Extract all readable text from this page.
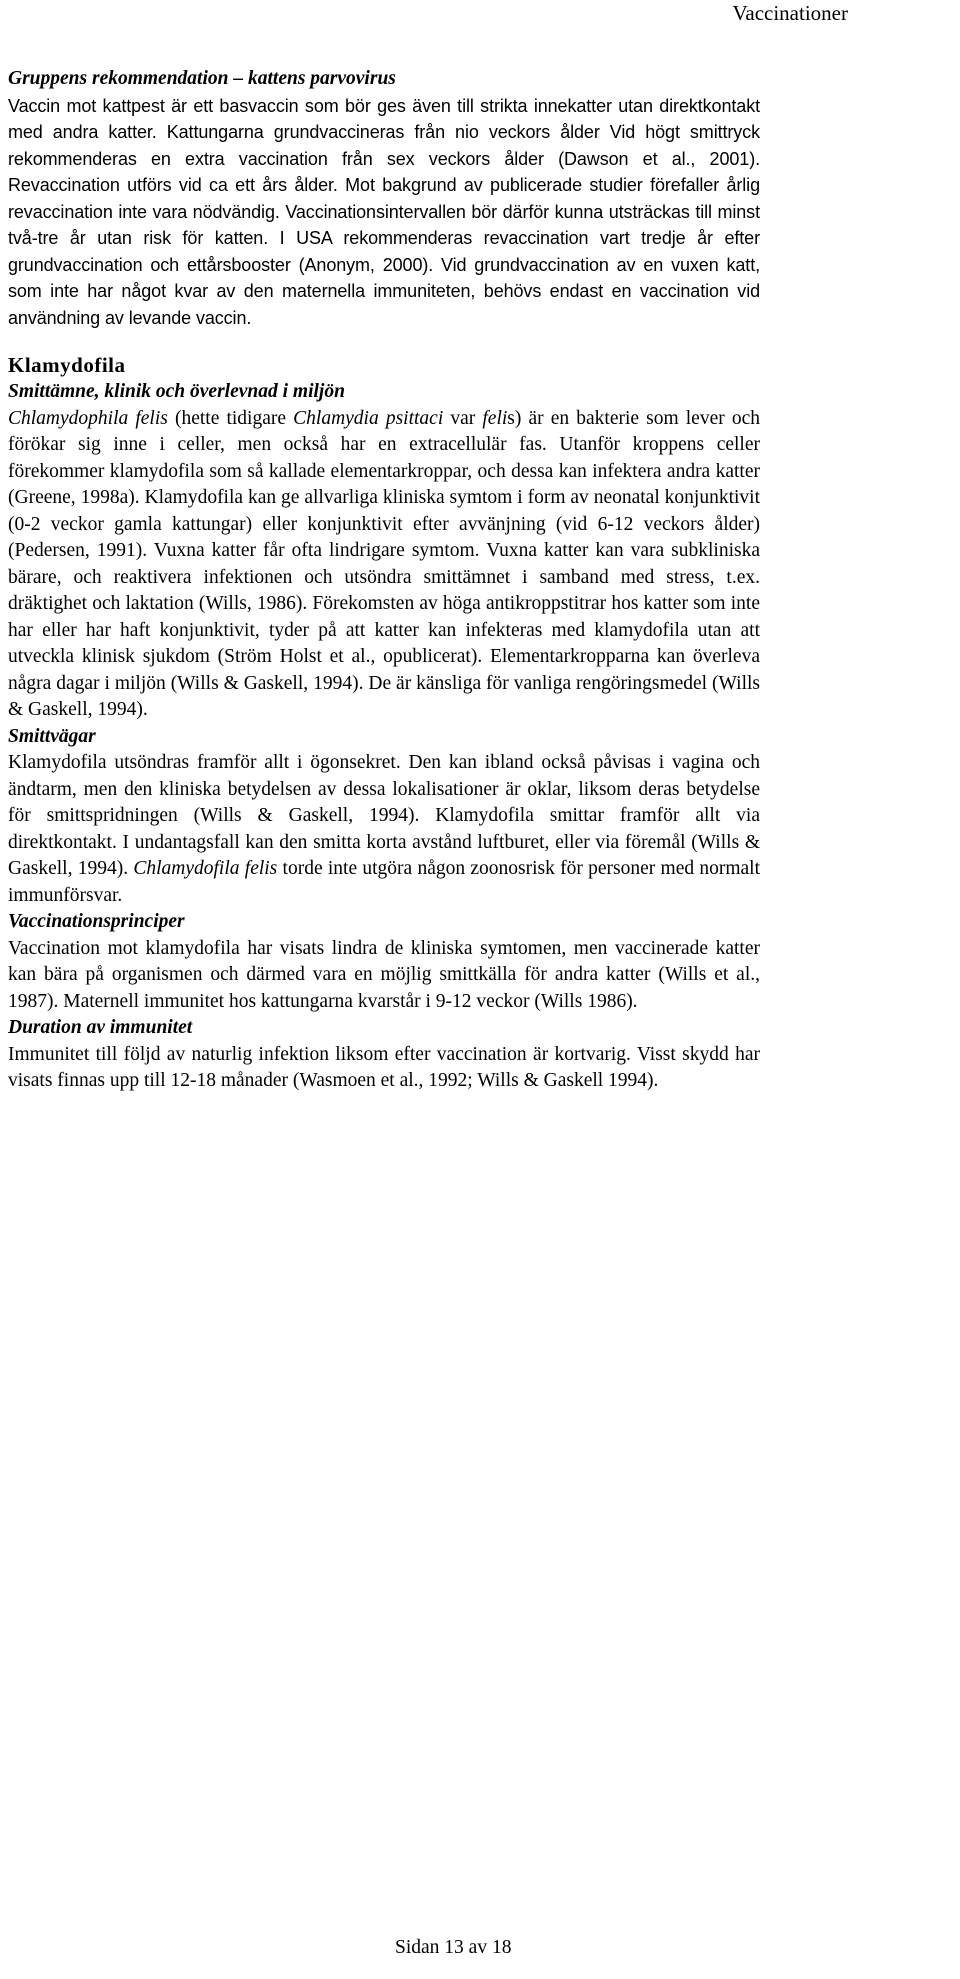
Vaccinationer
Gruppens rekommendation – kattens parvovirus

Vaccin mot kattpest är ett basvaccin som bör ges även till strikta innekatter utan direktkontakt med andra katter. Kattungarna grundvaccineras från nio veckors ålder Vid högt smittryck rekommenderas en extra vaccination från sex veckors ålder (Dawson et al., 2001). Revaccination utförs vid ca ett års ålder. Mot bakgrund av publicerade studier förefaller årlig revaccination inte vara nödvändig. Vaccinationsintervallen bör därför kunna utsträckas till minst två-tre år utan risk för katten. I USA rekommenderas revaccination vart tredje år efter grundvaccination och ettårsbooster (Anonym, 2000). Vid grundvaccination av en vuxen katt, som inte har något kvar av den maternella immuniteten, behövs endast en vaccination vid användning av levande vaccin.

Klamydofila
Smittämne, klinik och överlevnad i miljön

Chlamydophila felis (hette tidigare Chlamydia psittaci var felis) är en bakterie som lever och förökar sig inne i celler, men också har en extracellulär fas. Utanför kroppens celler förekommer klamydofila som så kallade elementarkroppar, och dessa kan infektera andra katter (Greene, 1998a). Klamydofila kan ge allvarliga kliniska symtom i form av neonatal konjunktivit (0-2 veckor gamla kattungar) eller konjunktivit efter avvänjning (vid 6-12 veckors ålder) (Pedersen, 1991). Vuxna katter får ofta lindrigare symtom. Vuxna katter kan vara subkliniska bärare, och reaktivera infektionen och utsöndra smittämnet i samband med stress, t.ex. dräktighet och laktation (Wills, 1986). Förekomsten av höga antikroppstitrar hos katter som inte har eller har haft konjunktivit, tyder på att katter kan infekteras med klamydofila utan att utveckla klinisk sjukdom (Ström Holst et al., opublicerat). Elementarkropparna kan överleva några dagar i miljön (Wills & Gaskell, 1994). De är känsliga för vanliga rengöringsmedel (Wills & Gaskell, 1994).

Smittvägar

Klamydofila utsöndras framför allt i ögonsekret. Den kan ibland också påvisas i vagina och ändtarm, men den kliniska betydelsen av dessa lokalisationer är oklar, liksom deras betydelse för smittspridningen (Wills & Gaskell, 1994). Klamydofila smittar framför allt via direktkontakt. I undantagsfall kan den smitta korta avstånd luftburet, eller via föremål (Wills & Gaskell, 1994). Chlamydofila felis torde inte utgöra någon zoonosrisk för personer med normalt immunförsvar.

Vaccinationsprinciper

Vaccination mot klamydofila har visats lindra de kliniska symtomen, men vaccinerade katter kan bära på organismen och därmed vara en möjlig smittkälla för andra katter (Wills et al., 1987). Maternell immunitet hos kattungarna kvarstår i 9-12 veckor (Wills 1986).

Duration av immunitet

Immunitet till följd av naturlig infektion liksom efter vaccination är kortvarig. Visst skydd har visats finnas upp till 12-18 månader (Wasmoen et al., 1992; Wills & Gaskell 1994).

Sidan 13 av 18
